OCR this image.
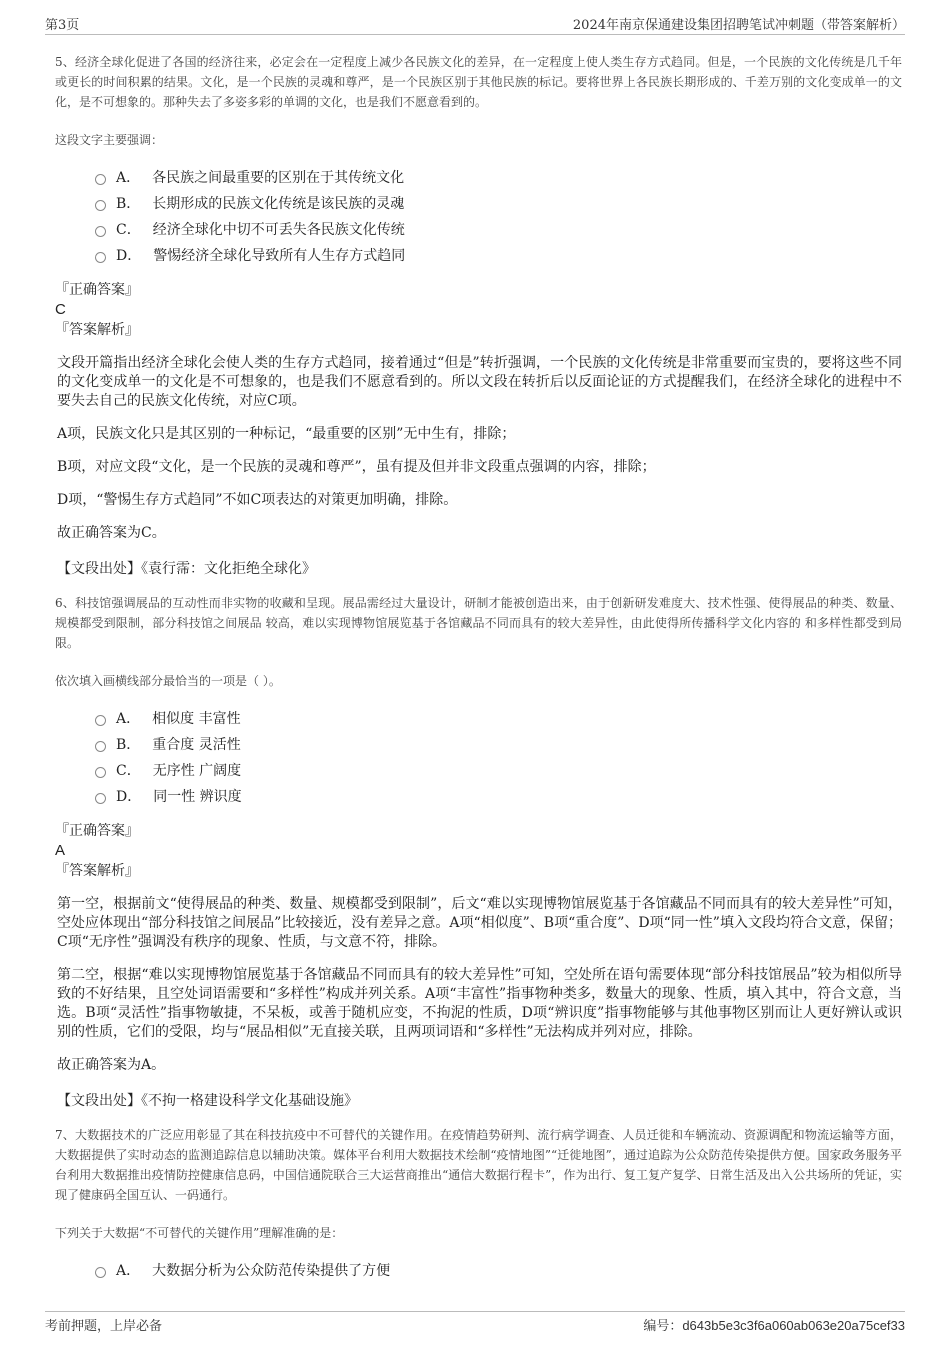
第3页	2024年南京保通建设集团招聘笔试冲刺题（带答案解析）

5、经济全球化促进了各国的经济往来，必定会在一定程度上减少各民族文化的差异，在一定程度上使人类生存方式趋同。但是，一个民族的文化传统是几千年或更长的时间积累的结果。文化，是一个民族的灵魂和尊严，是一个民族区别于其他民族的标记。要将世界上各民族长期形成的、千差万别的文化变成单一的文化，是不可想象的。那种失去了多姿多彩的单调的文化，也是我们不愿意看到的。

这段文字主要强调：

A． 各民族之间最重要的区别在于其传统文化
B． 长期形成的民族文化传统是该民族的灵魂
C． 经济全球化中切不可丢失各民族文化传统
D． 警惕经济全球化导致所有人生存方式趋同

『正确答案』

C

『答案解析』

文段开篇指出经济全球化会使人类的生存方式趋同，接着通过“但是”转折强调，一个民族的文化传统是非常重要而宝贵的，要将这些不同的文化变成单一的文化是不可想象的，也是我们不愿意看到的。所以文段在转折后以反面论证的方式提醒我们，在经济全球化的进程中不要失去自己的民族文化传统，对应C项。

A项，民族文化只是其区别的一种标记，“最重要的区别”无中生有，排除；

B项，对应文段“文化，是一个民族的灵魂和尊严”，虽有提及但并非文段重点强调的内容，排除；

D项，“警惕生存方式趋同”不如C项表达的对策更加明确，排除。

故正确答案为C。

【文段出处】《袁行霈：文化拒绝全球化》

6、科技馆强调展品的互动性而非实物的收藏和呈现。展品需经过大量设计，研制才能被创造出来，由于创新研发难度大、技术性强、使得展品的种类、数量、规模都受到限制，部分科技馆之间展品 较高，难以实现博物馆展览基于各馆藏品不同而具有的较大差异性，由此使得所传播科学文化内容的 和多样性都受到局限。

依次填入画横线部分最恰当的一项是（ ）。

A． 相似度 丰富性
B． 重合度 灵活性
C． 无序性 广阔度
D． 同一性 辨识度

『正确答案』

A

『答案解析』

第一空，根据前文“使得展品的种类、数量、规模都受到限制”，后文“难以实现博物馆展览基于各馆藏品不同而具有的较大差异性”可知，空处应体现出“部分科技馆之间展品”比较接近，没有差异之意。A项“相似度”、B项“重合度”、D项“同一性”填入文段均符合文意，保留；C项“无序性”强调没有秩序的现象、性质，与文意不符，排除。

第二空，根据“难以实现博物馆展览基于各馆藏品不同而具有的较大差异性”可知，空处所在语句需要体现“部分科技馆展品”较为相似所导致的不好结果，且空处词语需要和“多样性”构成并列关系。A项“丰富性”指事物种类多，数量大的现象、性质，填入其中，符合文意，当选。B项“灵活性”指事物敏捷，不呆板，或善于随机应变，不拘泥的性质，D项“辨识度”指事物能够与其他事物区别而让人更好辨认或识别的性质，它们的受限，均与“展品相似”无直接关联，且两项词语和“多样性”无法构成并列对应，排除。

故正确答案为A。

【文段出处】《不拘一格建设科学文化基础设施》

7、大数据技术的广泛应用彰显了其在科技抗疫中不可替代的关键作用。在疫情趋势研判、流行病学调查、人员迁徙和车辆流动、资源调配和物流运输等方面，大数据提供了实时动态的监测追踪信息以辅助决策。媒体平台利用大数据技术绘制“疫情地图”“迁徙地图”，通过追踪为公众防范传染提供方便。国家政务服务平台利用大数据推出疫情防控健康信息码，中国信通院联合三大运营商推出“通信大数据行程卡”，作为出行、复工复产复学、日常生活及出入公共场所的凭证，实现了健康码全国互认、一码通行。

下列关于大数据“不可替代的关键作用”理解准确的是：

A． 大数据分析为公众防范传染提供了方便
考前押题，上岸必备	编号：d643b5e3c3f6a060ab063e20a75cef33
